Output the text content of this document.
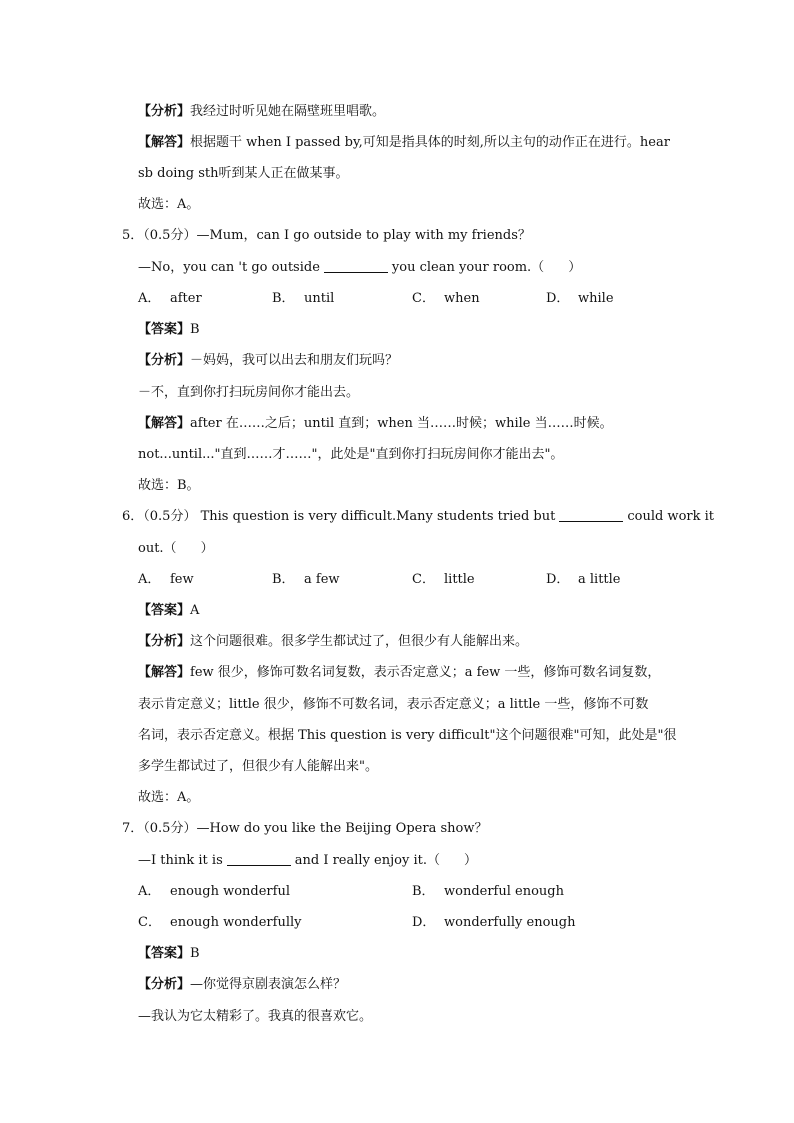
【分析】我经过时听见她在隔壁班里唱歌。
【解答】根据题干 when I passed by,可知是指具体的时刻,所以主句的动作正在进行。hear
sb doing sth听到某人正在做某事。
故选：A。
5．（0.5分）—Mum，can I go outside to play with my friends？
—No，you can 't go outside	you clean your room.（ ）
A． after	B． until	C． when	D． while
【答案】B
【分析】－妈妈，我可以出去和朋友们玩吗？
－不，直到你打扫玩房间你才能出去。
【解答】after 在……之后；until 直到；when 当……时候；while 当……时候。
not...until..."直到……才……"，此处是"直到你打扫玩房间你才能出去"。
故选：B。
6．（0.5分） This question is very difficult.Many students tried but	could work it
out.（ ）
A． few	B． a few	C． little	D． a little
【答案】A
【分析】这个问题很难。很多学生都试过了，但很少有人能解出来。
【解答】few 很少，修饰可数名词复数，表示否定意义；a few 一些，修饰可数名词复数，
表示肯定意义；little 很少，修饰不可数名词，表示否定意义；a little 一些，修饰不可数
名词，表示否定意义。根据 This question is very difficult"这个问题很难"可知，此处是"很
多学生都试过了，但很少有人能解出来"。
故选：A。
7．（0.5分）—How do you like the Beijing Opera show？
—I think it is	and I really enjoy it.（ ）
A． enough wonderful	B． wonderful enough
C． enough wonderfully	D． wonderfully enough
【答案】B
【分析】—你觉得京剧表演怎么样？
—我认为它太精彩了。我真的很喜欢它。
